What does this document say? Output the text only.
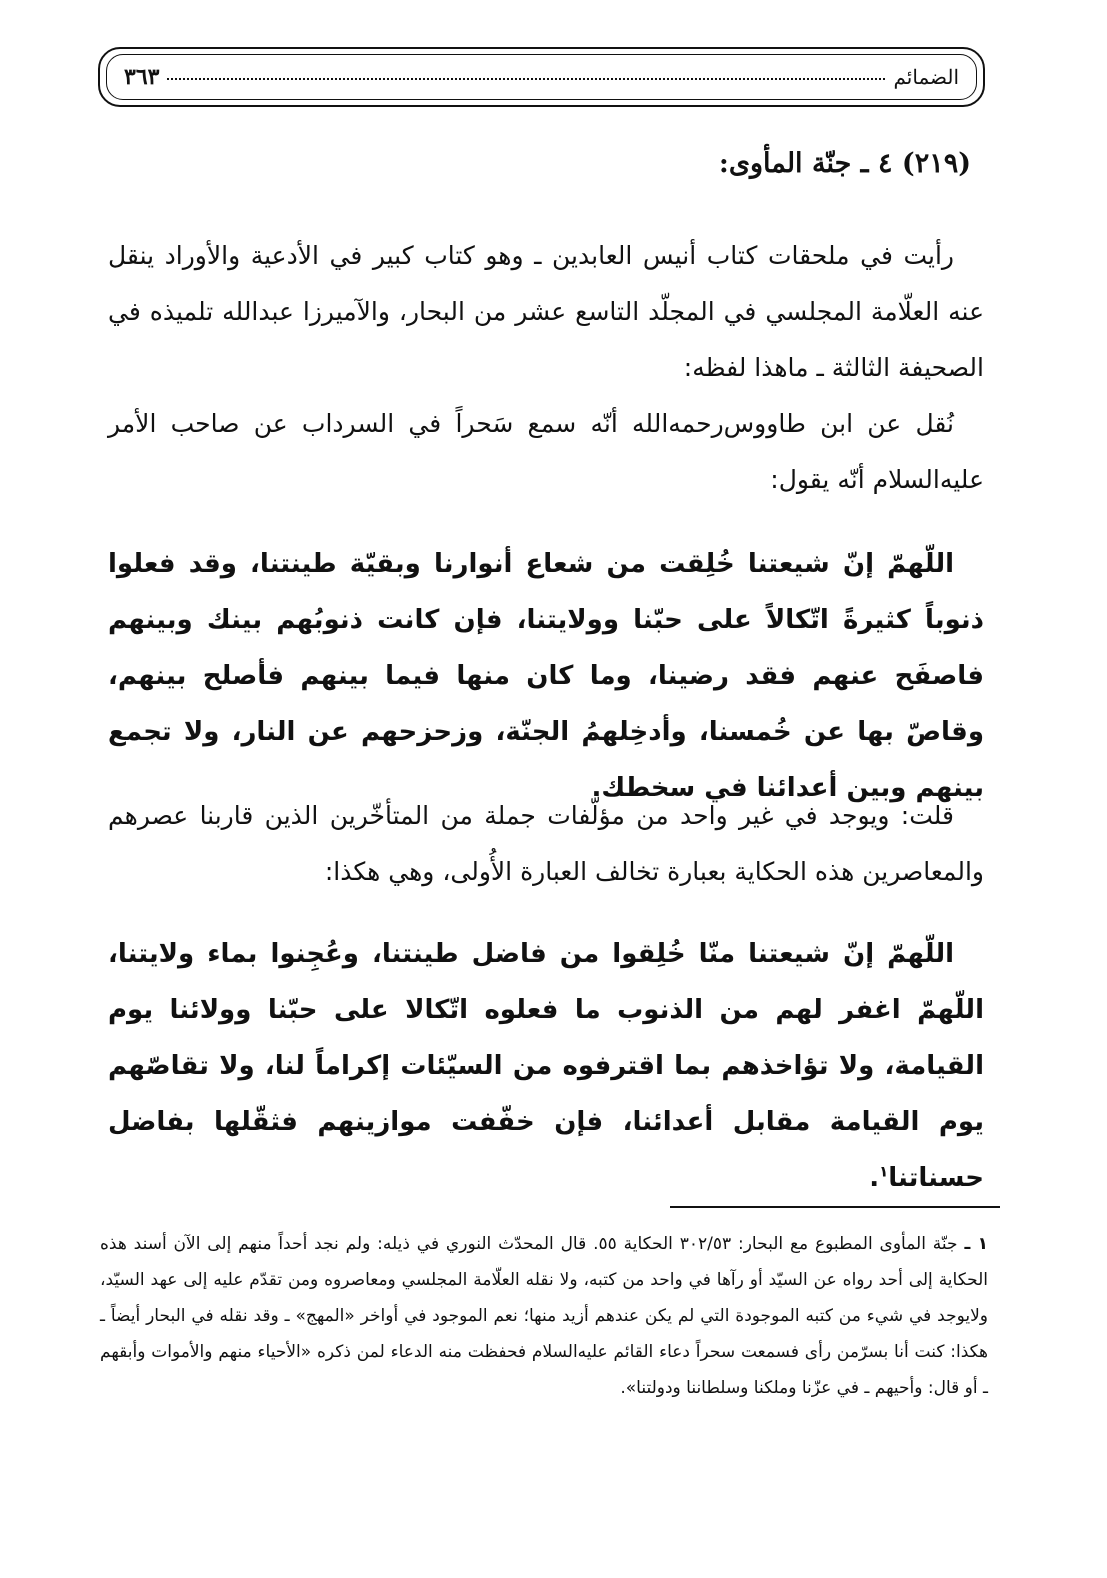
الضمائم
٣٦٣
(٢١٩) ٤ ـ جنّة المأوى:

رأيت في ملحقات كتاب أنيس العابدين ـ وهو كتاب كبير في الأدعية والأوراد ينقل عنه العلّامة المجلسي في المجلّد التاسع عشر من البحار، والآميرزا عبدالله تلميذه في الصحيفة الثالثة ـ ماهذا لفظه:

نُقل عن ابن طاووس‌رحمه‌الله أنّه سمع سَحراً في السرداب عن صاحب الأمر عليه‌السلام أنّه يقول:

اللّهمّ إنّ شيعتنا خُلِقت من شعاع أنوارنا وبقيّة طينتنا، وقد فعلوا ذنوباً كثيرةً اتّكالاً على حبّنا وولايتنا، فإن كانت ذنوبُهم بينك وبينهم فاصفَح عنهم فقد رضينا، وما كان منها فيما بينهم فأصلح بينهم، وقاصّ بها عن خُمسنا، وأدخِلهمُ الجنّة، وزحزحهم عن النار، ولا تجمع بينهم وبين أعدائنا في سخطك.

قلت: ويوجد في غير واحد من مؤلّفات جملة من المتأخّرين الذين قاربنا عصرهم والمعاصرين هذه الحكاية بعبارة تخالف العبارة الأُولى، وهي هكذا:

اللّهمّ إنّ شيعتنا منّا خُلِقوا من فاضل طينتنا، وعُجِنوا بماء ولايتنا، اللّهمّ اغفر لهم من الذنوب ما فعلوه اتّكالا على حبّنا وولائنا يوم القيامة، ولا تؤاخذهم بما اقترفوه من السيّئات إكراماً لنا، ولا تقاصّهم يوم القيامة مقابل أعدائنا، فإن خفّفت موازينهم فثقّلها بفاضل حسناتنا$^١$.

١ ـ جنّة المأوى المطبوع مع البحار: ٣٠٢/٥٣ الحكاية ٥٥. قال المحدّث النوري في ذيله: ولم نجد أحداً منهم إلى الآن أسند هذه الحكاية إلى أحد رواه عن السيّد أو رآها في واحد من كتبه، ولا نقله العلّامة المجلسي ومعاصروه ومن تقدّم عليه إلى عهد السيّد، ولايوجد في شيء من كتبه الموجودة التي لم يكن عندهم أزيد منها؛ نعم الموجود في أواخر «المهج» ـ وقد نقله في البحار أيضاً ـ هكذا: كنت أنا بسرّمن رأى فسمعت سحراً دعاء القائم عليه‌السلام فحفظت منه الدعاء لمن ذكره «الأحياء منهم والأموات وأبقهم ـ أو قال: وأحيهم ـ في عزّنا وملكنا وسلطاننا ودولتنا».
